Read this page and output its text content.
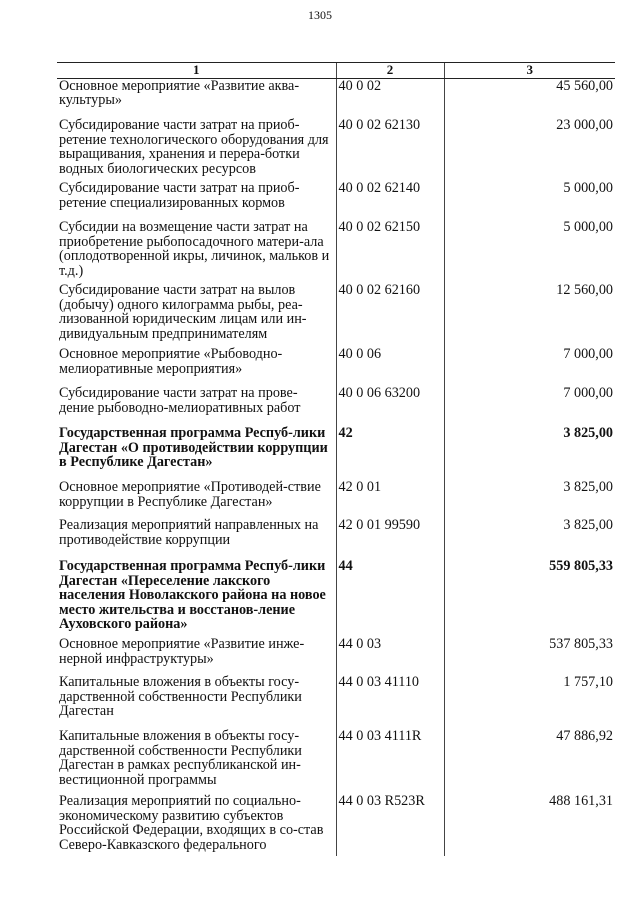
1305
1	2	3
Основное мероприятие «Развитие аква-культуры»	40 0 02	45 560,00
Субсидирование части затрат на приоб-ретение технологического оборудования для выращивания, хранения и перера-ботки водных биологических ресурсов	40 0 02 62130	23 000,00
Субсидирование части затрат на приоб-ретение специализированных кормов	40 0 02 62140	5 000,00
Субсидии на возмещение части затрат на приобретение рыбопосадочного матери-ала (оплодотворенной икры, личинок, мальков и т.д.)	40 0 02 62150	5 000,00
Субсидирование части затрат на вылов (добычу) одного килограмма рыбы, реа-лизованной юридическим лицам или ин-дивидуальным предпринимателям	40 0 02 62160	12 560,00
Основное мероприятие «Рыбоводно-мелиоративные мероприятия»	40 0 06	7 000,00
Субсидирование части затрат на прове-дение рыбоводно-мелиоративных работ	40 0 06 63200	7 000,00
Государственная программа Респуб-лики Дагестан «О противодействии коррупции в Республике Дагестан»	42	3 825,00
Основное мероприятие «Противодей-ствие коррупции в Республике Дагестан»	42 0 01	3 825,00
Реализация мероприятий направленных на противодействие коррупции	42 0 01 99590	3 825,00
Государственная программа Респуб-лики Дагестан «Переселение лакского населения Новолакского района на новое место жительства и восстанов-ление Ауховского района»	44	559 805,33
Основное мероприятие «Развитие инже-нерной инфраструктуры»	44 0 03	537 805,33
Капитальные вложения в объекты госу-дарственной собственности Республики Дагестан	44 0 03 41110	1 757,10
Капитальные вложения в объекты госу-дарственной собственности Республики Дагестан в рамках республиканской ин-вестиционной программы	44 0 03 4111R	47 886,92
Реализация мероприятий по социально-экономическому развитию субъектов Российской Федерации, входящих в со-став Северо-Кавказского федерального	44 0 03 R523R	488 161,31
